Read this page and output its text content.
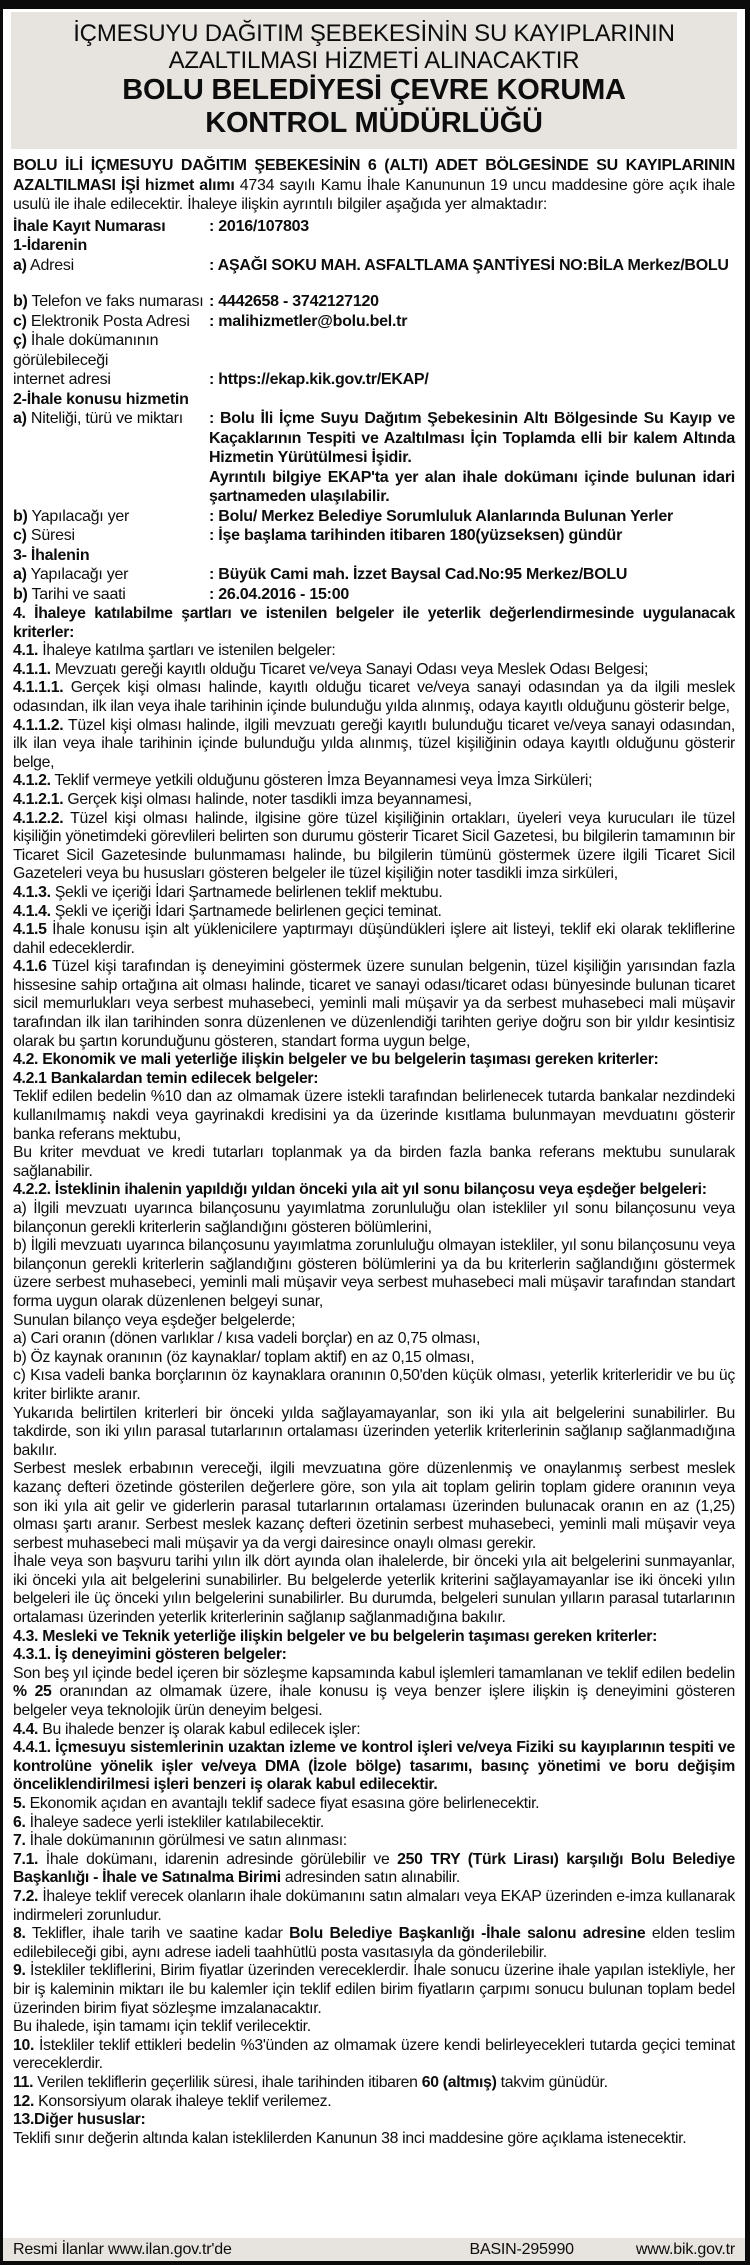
İÇMESUYU DAĞITIM ŞEBEKESİNİN SU KAYIPLARININ
AZALTILMASI HİZMETİ ALINACAKTIR
BOLU BELEDİYESİ ÇEVRE KORUMA
KONTROL MÜDÜRLÜĞÜ

BOLU İLİ İÇMESUYU DAĞITIM ŞEBEKESİNİN 6 (ALTI) ADET BÖLGESİNDE SU KAYIPLARININ AZALTILMASI İŞİ hizmet alımı 4734 sayılı Kamu İhale Kanununun 19 uncu maddesine göre açık ihale usulü ile ihale edilecektir. İhaleye ilişkin ayrıntılı bilgiler aşağıda yer almaktadır:

İhale Kayıt Numarası	: 2016/107803
1-İdarenin
a) Adresi	: AŞAĞI SOKU MAH. ASFALTLAMA ŞANTİYESİ NO:BİLA Merkez/BOLU
b) Telefon ve faks numarası : 4442658 - 3742127120
c) Elektronik Posta Adresi	: malihizmetler@bolu.bel.tr
ç) İhale dokümanının görülebileceği
internet adresi	: https://ekap.kik.gov.tr/EKAP/
2-İhale konusu hizmetin
a) Niteliği, türü ve miktarı	: Bolu İli İçme Suyu Dağıtım Şebekesinin Altı Bölgesinde Su Kayıp ve Kaçaklarının Tespiti ve Azaltılması İçin Toplamda elli bir kalem Altında Hizmetin Yürütülmesi İşidir.
Ayrıntılı bilgiye EKAP'ta yer alan ihale dokümanı içinde bulunan idari şartnameden ulaşılabilir.
b) Yapılacağı yer	: Bolu/ Merkez Belediye Sorumluluk Alanlarında Bulunan Yerler
c) Süresi	: İşe başlama tarihinden itibaren 180(yüzseksen) gündür
3- İhalenin
a) Yapılacağı yer	: Büyük Cami mah. İzzet Baysal Cad.No:95 Merkez/BOLU
b) Tarihi ve saati	: 26.04.2016 - 15:00

4. İhaleye katılabilme şartları ve istenilen belgeler ile yeterlik değerlendirmesinde uygulanacak kriterler:

4.1. İhaleye katılma şartları ve istenilen belgeler:

4.1.1. Mevzuatı gereği kayıtlı olduğu Ticaret ve/veya Sanayi Odası veya Meslek Odası Belgesi;

4.1.1.1. Gerçek kişi olması halinde, kayıtlı olduğu ticaret ve/veya sanayi odasından ya da ilgili meslek odasından, ilk ilan veya ihale tarihinin içinde bulunduğu yılda alınmış, odaya kayıtlı olduğunu gösterir belge,

4.1.1.2. Tüzel kişi olması halinde, ilgili mevzuatı gereği kayıtlı bulunduğu ticaret ve/veya sanayi odasından, ilk ilan veya ihale tarihinin içinde bulunduğu yılda alınmış, tüzel kişiliğinin odaya kayıtlı olduğunu gösterir belge,

4.1.2. Teklif vermeye yetkili olduğunu gösteren İmza Beyannamesi veya İmza Sirküleri;

4.1.2.1. Gerçek kişi olması halinde, noter tasdikli imza beyannamesi,

4.1.2.2. Tüzel kişi olması halinde, ilgisine göre tüzel kişiliğinin ortakları, üyeleri veya kurucuları ile tüzel kişiliğin yönetimdeki görevlileri belirten son durumu gösterir Ticaret Sicil Gazetesi, bu bilgilerin tamamının bir Ticaret Sicil Gazetesinde bulunmaması halinde, bu bilgilerin tümünü göstermek üzere ilgili Ticaret Sicil Gazeteleri veya bu hususları gösteren belgeler ile tüzel kişiliğin noter tasdikli imza sirküleri,

4.1.3. Şekli ve içeriği İdari Şartnamede belirlenen teklif mektubu.

4.1.4. Şekli ve içeriği İdari Şartnamede belirlenen geçici teminat.

4.1.5 İhale konusu işin alt yüklenicilere yaptırmayı düşündükleri işlere ait listeyi, teklif eki olarak tekliflerine dahil edeceklerdir.

4.1.6 Tüzel kişi tarafından iş deneyimini göstermek üzere sunulan belgenin, tüzel kişiliğin yarısından fazla hissesine sahip ortağına ait olması halinde, ticaret ve sanayi odası/ticaret odası bünyesinde bulunan ticaret sicil memurlukları veya serbest muhasebeci, yeminli mali müşavir ya da serbest muhasebeci mali müşavir tarafından ilk ilan tarihinden sonra düzenlenen ve düzenlendiği tarihten geriye doğru son bir yıldır kesintisiz olarak bu şartın korunduğunu gösteren, standart forma uygun belge,

4.2. Ekonomik ve mali yeterliğe ilişkin belgeler ve bu belgelerin taşıması gereken kriterler:

4.2.1 Bankalardan temin edilecek belgeler:

Teklif edilen bedelin %10 dan az olmamak üzere istekli tarafından belirlenecek tutarda bankalar nezdindeki kullanılmamış nakdi veya gayrinakdi kredisini ya da üzerinde kısıtlama bulunmayan mevduatını gösterir banka referans mektubu,

Bu kriter mevduat ve kredi tutarları toplanmak ya da birden fazla banka referans mektubu sunularak sağlanabilir.

4.2.2. İsteklinin ihalenin yapıldığı yıldan önceki yıla ait yıl sonu bilançosu veya eşdeğer belgeleri:

a) İlgili mevzuatı uyarınca bilançosunu yayımlatma zorunluluğu olan istekliler yıl sonu bilançosunu veya bilançonun gerekli kriterlerin sağlandığını gösteren bölümlerini,

b) İlgili mevzuatı uyarınca bilançosunu yayımlatma zorunluluğu olmayan istekliler, yıl sonu bilançosunu veya bilançonun gerekli kriterlerin sağlandığını gösteren bölümlerini ya da bu kriterlerin sağlandığını göstermek üzere serbest muhasebeci, yeminli mali müşavir veya serbest muhasebeci mali müşavir tarafından standart forma uygun olarak düzenlenen belgeyi sunar,

Sunulan bilanço veya eşdeğer belgelerde;

a) Cari oranın (dönen varlıklar / kısa vadeli borçlar) en az 0,75 olması,

b) Öz kaynak oranının (öz kaynaklar/ toplam aktif) en az 0,15 olması,

c) Kısa vadeli banka borçlarının öz kaynaklara oranının 0,50'den küçük olması, yeterlik kriterleridir ve bu üç kriter birlikte aranır.

Yukarıda belirtilen kriterleri bir önceki yılda sağlayamayanlar, son iki yıla ait belgelerini sunabilirler. Bu takdirde, son iki yılın parasal tutarlarının ortalaması üzerinden yeterlik kriterlerinin sağlanıp sağlanmadığına bakılır.

Serbest meslek erbabının vereceği, ilgili mevzuatına göre düzenlenmiş ve onaylanmış serbest meslek kazanç defteri özetinde gösterilen değerlere göre, son yıla ait toplam gelirin toplam gidere oranının veya son iki yıla ait gelir ve giderlerin parasal tutarlarının ortalaması üzerinden bulunacak oranın en az (1,25) olması şartı aranır. Serbest meslek kazanç defteri özetinin serbest muhasebeci, yeminli mali müşavir veya serbest muhasebeci mali müşavir ya da vergi dairesince onaylı olması gerekir.

İhale veya son başvuru tarihi yılın ilk dört ayında olan ihalelerde, bir önceki yıla ait belgelerini sunmayanlar, iki önceki yıla ait belgelerini sunabilirler. Bu belgelerde yeterlik kriterini sağlayamayanlar ise iki önceki yılın belgeleri ile üç önceki yılın belgelerini sunabilirler. Bu durumda, belgeleri sunulan yılların parasal tutarlarının ortalaması üzerinden yeterlik kriterlerinin sağlanıp sağlanmadığına bakılır.

4.3. Mesleki ve Teknik yeterliğe ilişkin belgeler ve bu belgelerin taşıması gereken kriterler:

4.3.1. İş deneyimini gösteren belgeler:

Son beş yıl içinde bedel içeren bir sözleşme kapsamında kabul işlemleri tamamlanan ve teklif edilen bedelin % 25 oranından az olmamak üzere, ihale konusu iş veya benzer işlere ilişkin iş deneyimini gösteren belgeler veya teknolojik ürün deneyim belgesi.

4.4. Bu ihalede benzer iş olarak kabul edilecek işler:

4.4.1. İçmesuyu sistemlerinin uzaktan izleme ve kontrol işleri ve/veya Fiziki su kayıplarının tespiti ve kontrolüne yönelik işler ve/veya DMA (İzole bölge) tasarımı, basınç yönetimi ve boru değişim önceliklendirilmesi işleri benzeri iş olarak kabul edilecektir.

5. Ekonomik açıdan en avantajlı teklif sadece fiyat esasına göre belirlenecektir.

6. İhaleye sadece yerli istekliler katılabilecektir.

7. İhale dokümanının görülmesi ve satın alınması:

7.1. İhale dokümanı, idarenin adresinde görülebilir ve 250 TRY (Türk Lirası) karşılığı Bolu Belediye Başkanlığı - İhale ve Satınalma Birimi adresinden satın alınabilir.

7.2. İhaleye teklif verecek olanların ihale dokümanını satın almaları veya EKAP üzerinden e-imza kullanarak indirmeleri zorunludur.

8. Teklifler, ihale tarih ve saatine kadar Bolu Belediye Başkanlığı -İhale salonu adresine elden teslim edilebileceği gibi, aynı adrese iadeli taahhütlü posta vasıtasıyla da gönderilebilir.

9. İstekliler tekliflerini, Birim fiyatlar üzerinden vereceklerdir. İhale sonucu üzerine ihale yapılan istekliyle, her bir iş kaleminin miktarı ile bu kalemler için teklif edilen birim fiyatların çarpımı sonucu bulunan toplam bedel üzerinden birim fiyat sözleşme imzalanacaktır.

Bu ihalede, işin tamamı için teklif verilecektir.

10. İstekliler teklif ettikleri bedelin %3'ünden az olmamak üzere kendi belirleyecekleri tutarda geçici teminat vereceklerdir.

11. Verilen tekliflerin geçerlilik süresi, ihale tarihinden itibaren 60 (altmış) takvim günüdür.

12. Konsorsiyum olarak ihaleye teklif verilemez.

13.Diğer hususlar:

Teklifi sınır değerin altında kalan isteklilerden Kanunun 38 inci maddesine göre açıklama istenecektir.

Resmi İlanlar www.ilan.gov.tr'de	BASIN-295990	www.bik.gov.tr
